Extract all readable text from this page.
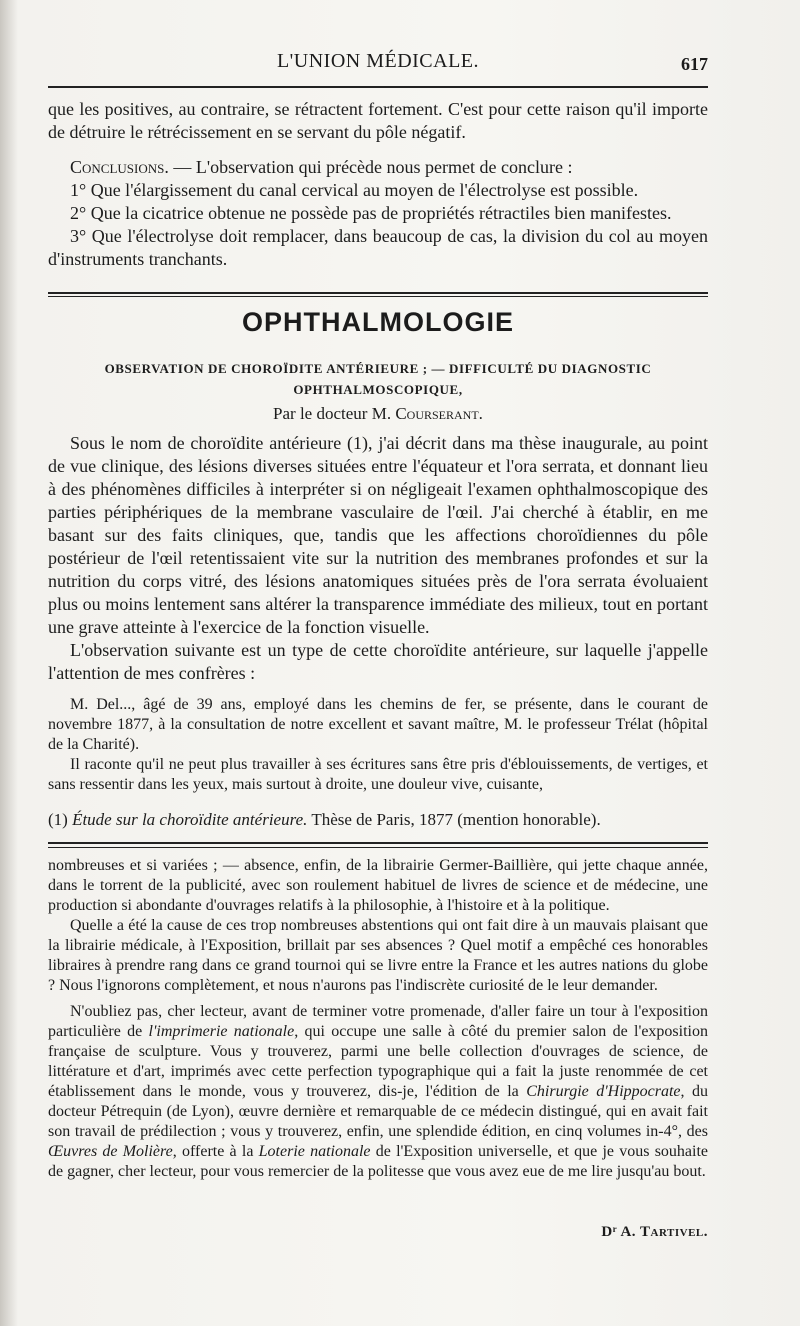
L'UNION MÉDICALE.	617

que les positives, au contraire, se rétractent fortement. C'est pour cette raison qu'il importe de détruire le rétrécissement en se servant du pôle négatif.

Conclusions. — L'observation qui précède nous permet de conclure :

1° Que l'élargissement du canal cervical au moyen de l'électrolyse est possible.

2° Que la cicatrice obtenue ne possède pas de propriétés rétractiles bien manifestes.

3° Que l'électrolyse doit remplacer, dans beaucoup de cas, la division du col au moyen d'instruments tranchants.

OPHTHALMOLOGIE
OBSERVATION DE CHOROÏDITE ANTÉRIEURE ; — DIFFICULTÉ DU DIAGNOSTIC
OPHTHALMOSCOPIQUE,
Par le docteur M. Courserant.

Sous le nom de choroïdite antérieure (1), j'ai décrit dans ma thèse inaugurale, au point de vue clinique, des lésions diverses situées entre l'équateur et l'ora serrata, et donnant lieu à des phénomènes difficiles à interpréter si on négligeait l'examen ophthalmoscopique des parties périphériques de la membrane vasculaire de l'œil. J'ai cherché à établir, en me basant sur des faits cliniques, que, tandis que les affections choroïdiennes du pôle postérieur de l'œil retentissaient vite sur la nutrition des membranes profondes et sur la nutrition du corps vitré, des lésions anatomiques situées près de l'ora serrata évoluaient plus ou moins lentement sans altérer la transparence immédiate des milieux, tout en portant une grave atteinte à l'exercice de la fonction visuelle.

L'observation suivante est un type de cette choroïdite antérieure, sur laquelle j'appelle l'attention de mes confrères :

M. Del..., âgé de 39 ans, employé dans les chemins de fer, se présente, dans le courant de novembre 1877, à la consultation de notre excellent et savant maître, M. le professeur Trélat (hôpital de la Charité).

Il raconte qu'il ne peut plus travailler à ses écritures sans être pris d'éblouissements, de vertiges, et sans ressentir dans les yeux, mais surtout à droite, une douleur vive, cuisante,

(1) Étude sur la choroïdite antérieure. Thèse de Paris, 1877 (mention honorable).

nombreuses et si variées ; — absence, enfin, de la librairie Germer-Baillière, qui jette chaque année, dans le torrent de la publicité, avec son roulement habituel de livres de science et de médecine, une production si abondante d'ouvrages relatifs à la philosophie, à l'histoire et à la politique.

Quelle a été la cause de ces trop nombreuses abstentions qui ont fait dire à un mauvais plaisant que la librairie médicale, à l'Exposition, brillait par ses absences ? Quel motif a empêché ces honorables libraires à prendre rang dans ce grand tournoi qui se livre entre la France et les autres nations du globe ? Nous l'ignorons complètement, et nous n'aurons pas l'indiscrète curiosité de le leur demander.

N'oubliez pas, cher lecteur, avant de terminer votre promenade, d'aller faire un tour à l'exposition particulière de l'imprimerie nationale, qui occupe une salle à côté du premier salon de l'exposition française de sculpture. Vous y trouverez, parmi une belle collection d'ouvrages de science, de littérature et d'art, imprimés avec cette perfection typographique qui a fait la juste renommée de cet établissement dans le monde, vous y trouverez, dis-je, l'édition de la Chirurgie d'Hippocrate, du docteur Pétrequin (de Lyon), œuvre dernière et remarquable de ce médecin distingué, qui en avait fait son travail de prédilection ; vous y trouverez, enfin, une splendide édition, en cinq volumes in-4°, des Œuvres de Molière, offerte à la Loterie nationale de l'Exposition universelle, et que je vous souhaite de gagner, cher lecteur, pour vous remercier de la politesse que vous avez eue de me lire jusqu'au bout.

Dʳ A. Tartivel.
